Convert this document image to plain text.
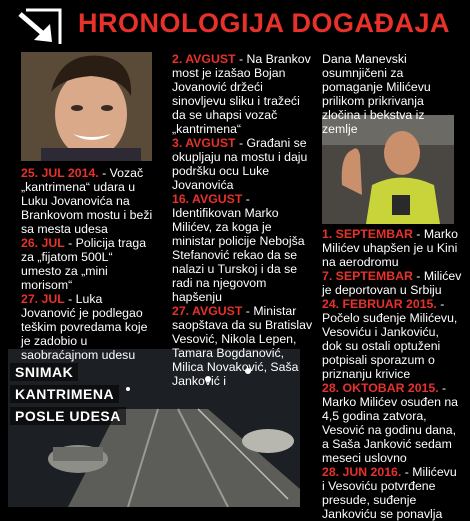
HRONOLOGIJA DOGAĐAJA
SNIMAK
KANTRIMENA
POSLE UDESA

25. JUL 2014. - Vozač „kantrimena“ udara u Luku Jovanovića na Brankovom mostu i beži sa mesta udesa

26. JUL - Policija traga za „fijatom 500L“ umesto za „mini morisom“

27. JUL - Luka Jovanović je podlegao teškim povredama koje je zadobio u saobraćajnom udesu

2. AVGUST - Na Brankov most je izašao Bojan Jovanović držeći sinovljevu sliku i tražeći da se uhapsi vozač „kantrimena“

3. AVGUST - Građani se okupljaju na mostu i daju podršku ocu Luke Jovanovića

16. AVGUST - Identifikovan Marko Milićev, za koga je ministar policije Nebojša Stefanović rekao da se nalazi u Turskoj i da se radi na njegovom hapšenju

27. AVGUST - Ministar saopštava da su Bratislav Vesović, Nikola Lepen, Tamara Bogdanović, Milica Novaković, Saša Janković i

Dana Manevski osumnjičeni za pomaganje Milićevu prilikom prikrivanja zločina i bekstva iz zemlje

1. SEPTEMBAR - Marko Milićev uhapšen je u Kini na aerodromu

7. SEPTEMBAR - Milićev je deportovan u Srbiju

24. FEBRUAR 2015. - Počelo suđenje Milićevu, Vesoviću i Jankoviću, dok su ostali optuženi potpisali sporazum o priznanju krivice

28. OKTOBAR 2015. - Marko Milićev osuđen na 4,5 godina zatvora, Vesović na godinu dana, a Saša Janković sedam meseci uslovno

28. JUN 2016. - Milićevu i Vesoviću potvrđene presude, suđenje Jankoviću se ponavlja
